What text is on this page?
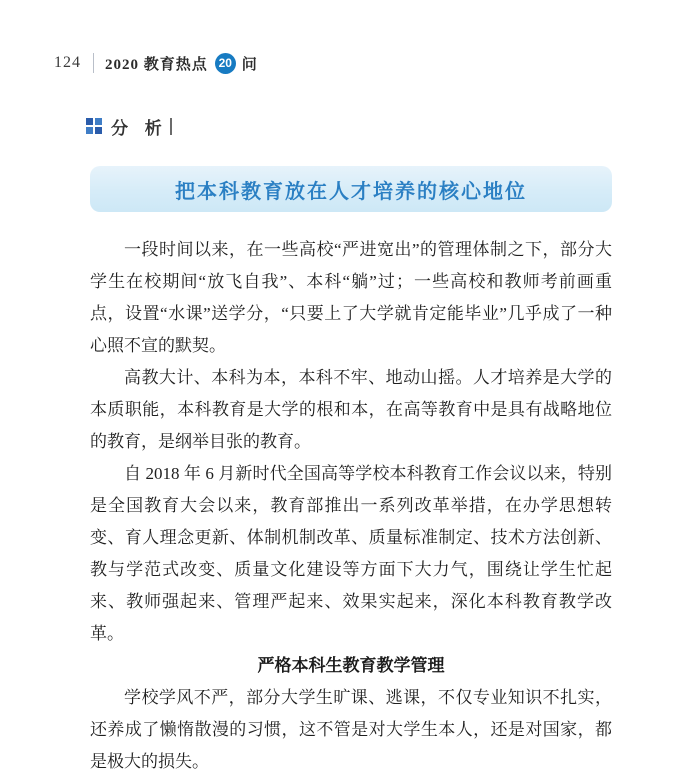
124 2020 教育热点 20 问
分 析
把本科教育放在人才培养的核心地位

一段时间以来，在一些高校“严进宽出”的管理体制之下，部分大学生在校期间“放飞自我”、本科“躺”过；一些高校和教师考前画重点，设置“水课”送学分，“只要上了大学就肯定能毕业”几乎成了一种心照不宣的默契。

高教大计、本科为本，本科不牢、地动山摇。人才培养是大学的本质职能，本科教育是大学的根和本，在高等教育中是具有战略地位的教育，是纲举目张的教育。

自 2018 年 6 月新时代全国高等学校本科教育工作会议以来，特别是全国教育大会以来，教育部推出一系列改革举措，在办学思想转变、育人理念更新、体制机制改革、质量标准制定、技术方法创新、教与学范式改变、质量文化建设等方面下大力气，围绕让学生忙起来、教师强起来、管理严起来、效果实起来，深化本科教育教学改革。

严格本科生教育教学管理

学校学风不严，部分大学生旷课、逃课，不仅专业知识不扎实，还养成了懒惰散漫的习惯，这不管是对大学生本人，还是对国家，都是极大的损失。
